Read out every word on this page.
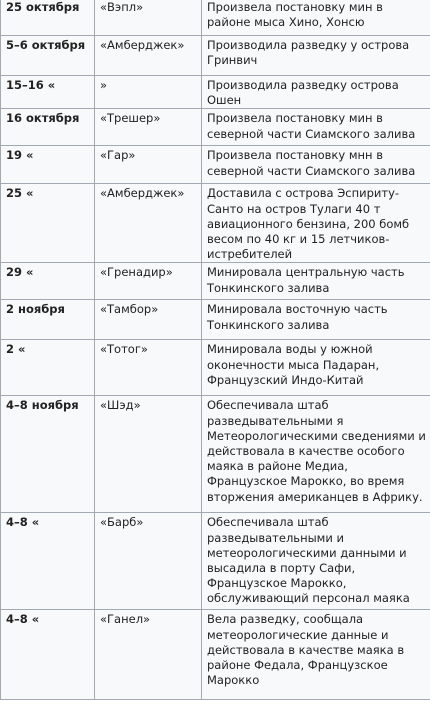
25 октября	«Вэпл»	Произвела постановку мин в районе мыса Хино, Хонсю
5–6 октября	«Амберджек»	Производила разведку у острова Гринвич
15–16 «	»	Производила разведку острова Ошен
16 октября	«Трешер»	Произвела постановку мин в северной части Сиамского залива
19 «	«Гар»	Произвела постановку мнн в северной части Сиамского залива
25 «	«Амберджек»	Доставила с острова Эспириту-Санто на остров Тулаги 40 т авиационного бензина, 200 бомб весом по 40 кг и 15 летчиков-истребителей
29 «	«Гренадир»	Минировала центральную часть Тонкинского залива
2 ноября	«Тамбор»	Минировала восточную часть Тонкинского залива
2 «	«Тотог»	Минировала воды у южной оконечности мыса Падаран, Французский Индо-Китай
4–8 ноября	«Шэд»	Обеспечивала штаб разведывательными я Метеорологическими сведениями и действовала в качестве особого маяка в районе Медиа, Французское Марокко, во время вторжения американцев в Африку.
4–8 «	«Барб»	Обеспечивала штаб разведывательными и метеорологическими данными и высадила в порту Сафи, Французское Марокко, обслуживающий персонал маяка
4–8 «	«Ганел»	Вела разведку, сообщала метеорологические данные и действовала в качестве маяка в районе Федала, Французское Марокко
